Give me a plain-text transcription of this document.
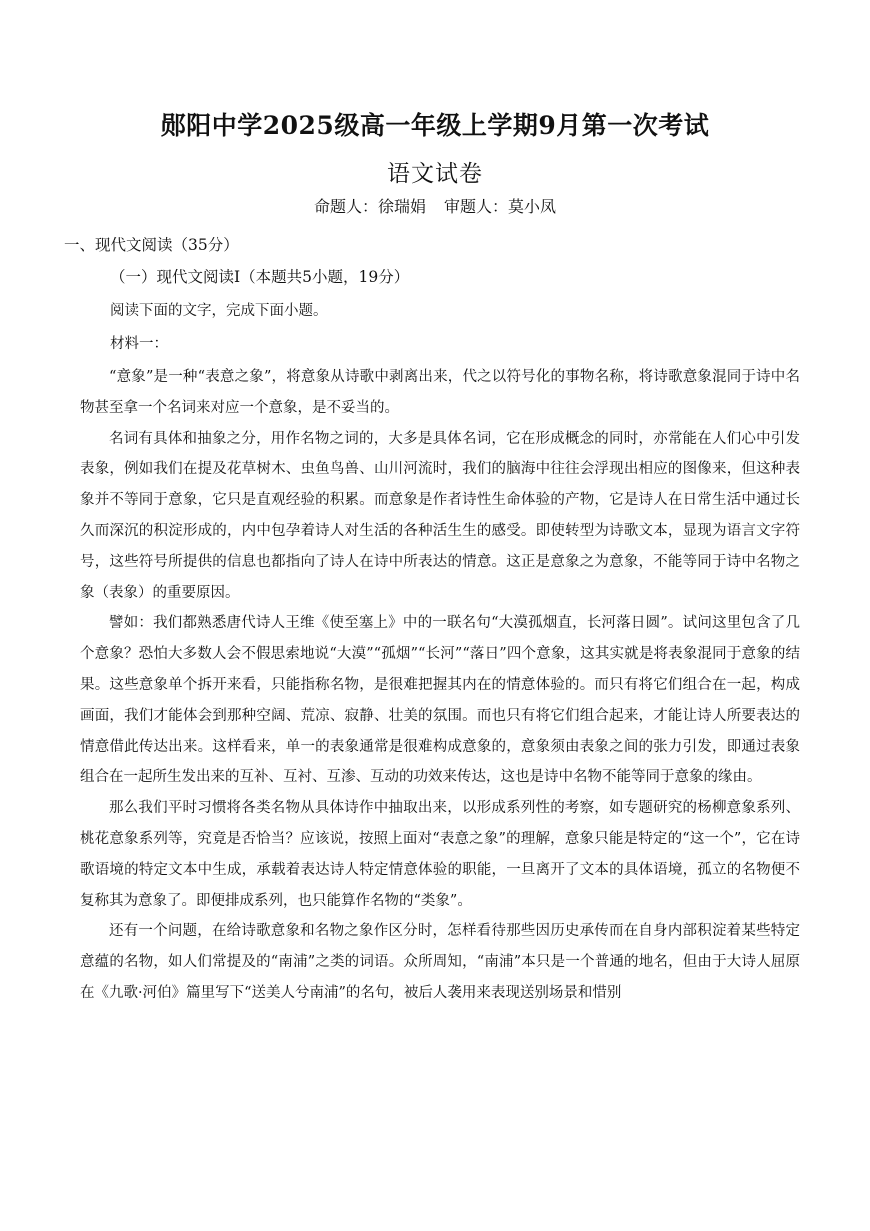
郧阳中学2025级高一年级上学期9月第一次考试
语文试卷
命题人：徐瑞娟 审题人：莫小凤
一、现代文阅读（35分）
（一）现代文阅读Ⅰ（本题共5小题，19分）
阅读下面的文字，完成下面小题。
材料一：

“意象”是一种“表意之象”，将意象从诗歌中剥离出来，代之以符号化的事物名称，将诗歌意象混同于诗中名物甚至拿一个名词来对应一个意象，是不妥当的。

名词有具体和抽象之分，用作名物之词的，大多是具体名词，它在形成概念的同时，亦常能在人们心中引发表象，例如我们在提及花草树木、虫鱼鸟兽、山川河流时，我们的脑海中往往会浮现出相应的图像来，但这种表象并不等同于意象，它只是直观经验的积累。而意象是作者诗性生命体验的产物，它是诗人在日常生活中通过长久而深沉的积淀形成的，内中包孕着诗人对生活的各种活生生的感受。即使转型为诗歌文本，显现为语言文字符号，这些符号所提供的信息也都指向了诗人在诗中所表达的情意。这正是意象之为意象，不能等同于诗中名物之象（表象）的重要原因。

譬如：我们都熟悉唐代诗人王维《使至塞上》中的一联名句“大漠孤烟直，长河落日圆”。试问这里包含了几个意象？恐怕大多数人会不假思索地说“大漠”“孤烟”“长河”“落日”四个意象，这其实就是将表象混同于意象的结果。这些意象单个拆开来看，只能指称名物，是很难把握其内在的情意体验的。而只有将它们组合在一起，构成画面，我们才能体会到那种空阔、荒凉、寂静、壮美的氛围。而也只有将它们组合起来，才能让诗人所要表达的情意借此传达出来。这样看来，单一的表象通常是很难构成意象的，意象须由表象之间的张力引发，即通过表象组合在一起所生发出来的互补、互衬、互渗、互动的功效来传达，这也是诗中名物不能等同于意象的缘由。

那么我们平时习惯将各类名物从具体诗作中抽取出来，以形成系列性的考察，如专题研究的杨柳意象系列、桃花意象系列等，究竟是否恰当？应该说，按照上面对“表意之象”的理解，意象只能是特定的“这一个”，它在诗歌语境的特定文本中生成，承载着表达诗人特定情意体验的职能，一旦离开了文本的具体语境，孤立的名物便不复称其为意象了。即便排成系列，也只能算作名物的“类象”。

还有一个问题，在给诗歌意象和名物之象作区分时，怎样看待那些因历史承传而在自身内部积淀着某些特定意蕴的名物，如人们常提及的“南浦”之类的词语。众所周知，“南浦”本只是一个普通的地名，但由于大诗人屈原在《九歌·河伯》篇里写下“送美人兮南浦”的名句，被后人袭用来表现送别场景和惜别
